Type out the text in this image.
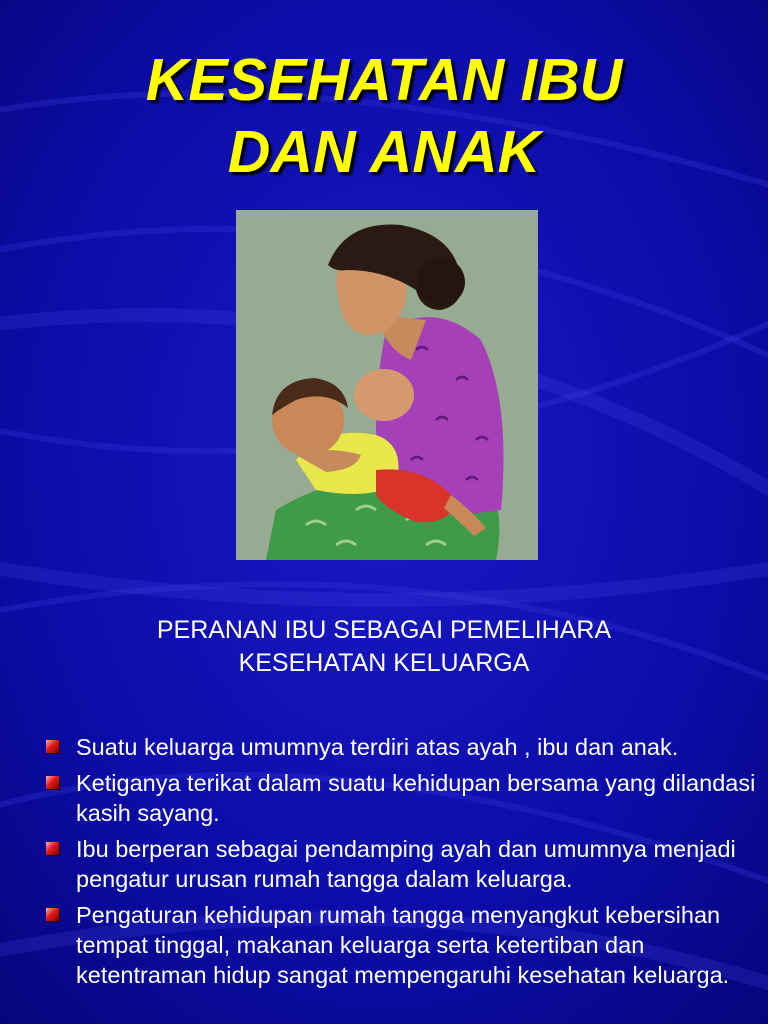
KESEHATAN IBU
DAN ANAK
PERANAN IBU SEBAGAI PEMELIHARA
KESEHATAN KELUARGA
Suatu keluarga umumnya terdiri atas ayah , ibu dan anak.
Ketiganya terikat dalam suatu kehidupan bersama yang dilandasi kasih sayang.
Ibu berperan sebagai pendamping ayah dan umumnya menjadi pengatur urusan rumah tangga dalam keluarga.
Pengaturan kehidupan rumah tangga menyangkut kebersihan tempat tinggal, makanan keluarga serta ketertiban dan ketentraman hidup sangat mempengaruhi kesehatan keluarga.
